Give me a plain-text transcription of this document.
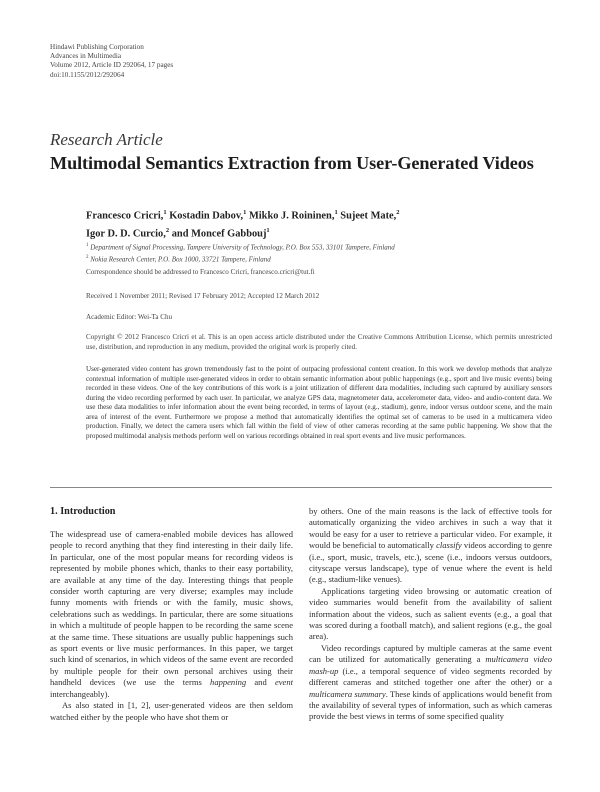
Hindawi Publishing Corporation
Advances in Multimedia
Volume 2012, Article ID 292064, 17 pages
doi:10.1155/2012/292064
Research Article
Multimodal Semantics Extraction from User-Generated Videos
Francesco Cricri,$^1$ Kostadin Dabov,$^1$ Mikko J. Roininen,$^1$ Sujeet Mate,$^2$
Igor D. D. Curcio,$^2$ and Moncef Gabbouj$^1$
$^1$ Department of Signal Processing, Tampere University of Technology, P.O. Box 553, 33101 Tampere, Finland
$^2$ Nokia Research Center, P.O. Box 1000, 33721 Tampere, Finland
Correspondence should be addressed to Francesco Cricri, francesco.cricri@tut.fi
Received 1 November 2011; Revised 17 February 2012; Accepted 12 March 2012
Academic Editor: Wei-Ta Chu
Copyright © 2012 Francesco Cricri et al. This is an open access article distributed under the Creative Commons Attribution License, which permits unrestricted use, distribution, and reproduction in any medium, provided the original work is properly cited.
User-generated video content has grown tremendously fast to the point of outpacing professional content creation. In this work we develop methods that analyze contextual information of multiple user-generated videos in order to obtain semantic information about public happenings (e.g., sport and live music events) being recorded in these videos. One of the key contributions of this work is a joint utilization of different data modalities, including such captured by auxiliary sensors during the video recording performed by each user. In particular, we analyze GPS data, magnetometer data, accelerometer data, video- and audio-content data. We use these data modalities to infer information about the event being recorded, in terms of layout (e.g., stadium), genre, indoor versus outdoor scene, and the main area of interest of the event. Furthermore we propose a method that automatically identifies the optimal set of cameras to be used in a multicamera video production. Finally, we detect the camera users which fall within the field of view of other cameras recording at the same public happening. We show that the proposed multimodal analysis methods perform well on various recordings obtained in real sport events and live music performances.
1. Introduction

The widespread use of camera-enabled mobile devices has allowed people to record anything that they find interesting in their daily life. In particular, one of the most popular means for recording videos is represented by mobile phones which, thanks to their easy portability, are available at any time of the day. Interesting things that people consider worth capturing are very diverse; examples may include funny moments with friends or with the family, music shows, celebrations such as weddings. In particular, there are some situations in which a multitude of people happen to be recording the same scene at the same time. These situations are usually public happenings such as sport events or live music performances. In this paper, we target such kind of scenarios, in which videos of the same event are recorded by multiple people for their own personal archives using their handheld devices (we use the terms happening and event interchangeably).

As also stated in [1, 2], user-generated videos are then seldom watched either by the people who have shot them or

by others. One of the main reasons is the lack of effective tools for automatically organizing the video archives in such a way that it would be easy for a user to retrieve a particular video. For example, it would be beneficial to automatically classify videos according to genre (i.e., sport, music, travels, etc.), scene (i.e., indoors versus outdoors, cityscape versus landscape), type of venue where the event is held (e.g., stadium-like venues).

Applications targeting video browsing or automatic creation of video summaries would benefit from the availability of salient information about the videos, such as salient events (e.g., a goal that was scored during a football match), and salient regions (e.g., the goal area).

Video recordings captured by multiple cameras at the same event can be utilized for automatically generating a multicamera video mash-up (i.e., a temporal sequence of video segments recorded by different cameras and stitched together one after the other) or a multicamera summary. These kinds of applications would benefit from the availability of several types of information, such as which cameras provide the best views in terms of some specified quality
